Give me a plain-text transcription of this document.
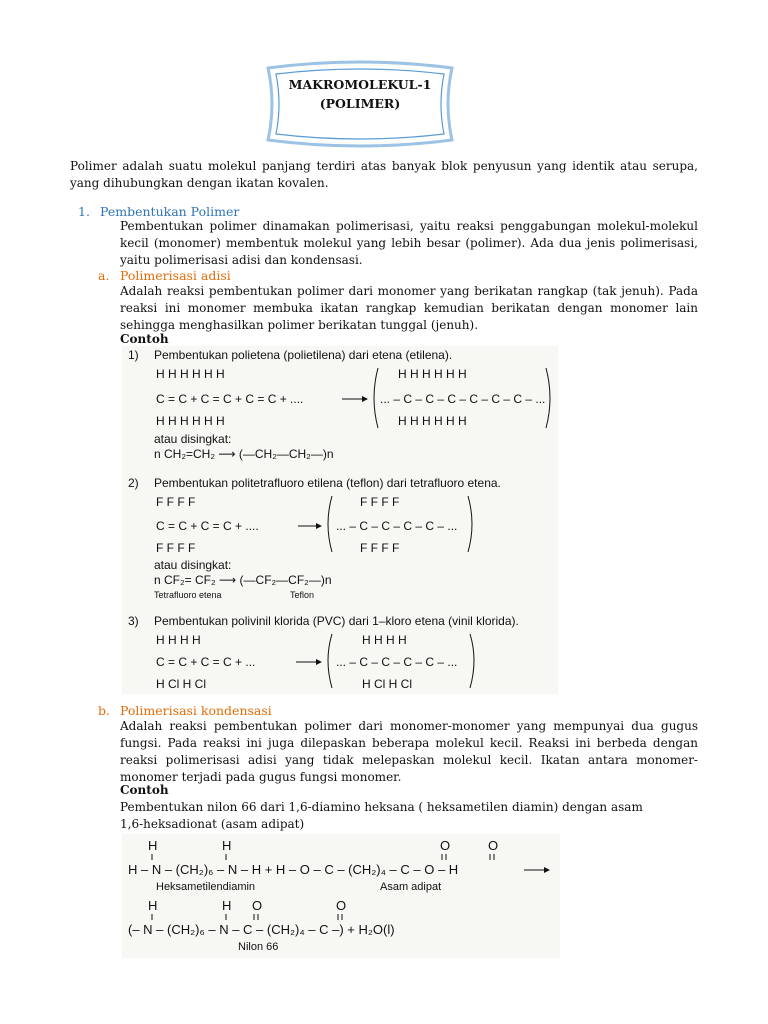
MAKROMOLEKUL-1
(POLIMER)
Polimer adalah suatu molekul panjang terdiri atas banyak blok penyusun yang identik atau serupa, yang dihubungkan dengan ikatan kovalen.
1. Pembentukan Polimer
Pembentukan polimer dinamakan polimerisasi, yaitu reaksi penggabungan molekul-molekul kecil (monomer) membentuk molekul yang lebih besar (polimer). Ada dua jenis polimerisasi, yaitu polimerisasi adisi dan kondensasi.
a. Polimerisasi adisi
Adalah reaksi pembentukan polimer dari monomer yang berikatan rangkap (tak jenuh). Pada reaksi ini monomer membuka ikatan rangkap kemudian berikatan dengan monomer lain sehingga menghasilkan polimer berikatan tunggal (jenuh).
Contoh
1) Pembentukan polietena (polietilena) dari etena (etilena).
H H H H H H
C = C + C = C + C = C + ....
H H H H H H
H H H H H H
... – C – C – C – C – C – C – ...
H H H H H H
atau disingkat:
n CH₂=CH₂ ⟶ (—CH₂—CH₂—)n
2) Pembentukan politetrafluoro etilena (teflon) dari tetrafluoro etena.
F F F F
C = C + C = C + ....
F F F F
F F F F
... – C – C – C – C – ...
F F F F
atau disingkat:
n CF₂= CF₂ ⟶ (—CF₂—CF₂—)n
Tetrafluoro etena	Teflon
3) Pembentukan polivinil klorida (PVC) dari 1–kloro etena (vinil klorida).
H H H H
C = C + C = C + ...
H Cl H Cl
H H H H
... – C – C – C – C – ...
H Cl H Cl
b. Polimerisasi kondensasi
Adalah reaksi pembentukan polimer dari monomer-monomer yang mempunyai dua gugus fungsi. Pada reaksi ini juga dilepaskan beberapa molekul kecil. Reaksi ini berbeda dengan reaksi polimerisasi adisi yang tidak melepaskan molekul kecil. Ikatan antara monomer-monomer terjadi pada gugus fungsi monomer.
Contoh
Pembentukan nilon 66 dari 1,6-diamino heksana ( heksametilen diamin) dengan asam 1,6-heksadionat (asam adipat)
H	H	O	O
H – N – (CH₂)₆ – N – H + H – O – C – (CH₂)₄ – C – O – H
H	H O	O
(– N – (CH₂)₆ – N – C – (CH₂)₄ – C –) + H₂O(l)
Heksametilendiamin	Asam adipat
Nilon 66
